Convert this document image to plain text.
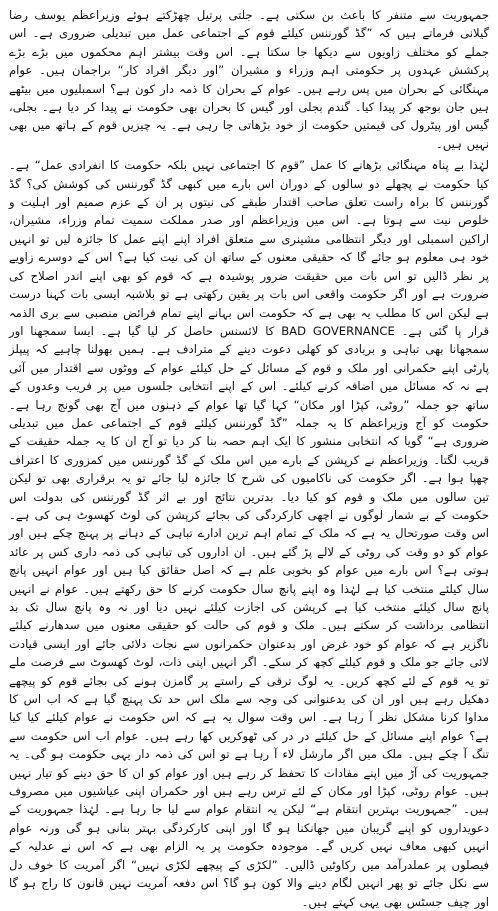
جمہوریت سے متنفر کا باعث بن سکتی ہے۔ جلتی پرتیل چھڑکتے ہوئے وزیراعظم یوسف رضا گیلانی فرماتے ہیں کہ ”گڈ گورننس کیلئے قوم کے اجتماعی عمل میں تبدیلی ضروری ہے۔ اس جملے کو مختلف زاویوں سے دیکھا جا سکتا ہے۔ اس وقت بیشتر اہم محکموں میں بڑے بڑے پرکشش عہدوں پر حکومتی اہم وزراء و مشیران ”اور دیگر افراد کار“ براجمان ہیں۔ عوام مہنگائی کے بحران میں پس رہے ہیں۔ عوام کے بحران کا ذمہ دار کون ہے؟ اسمبلیوں میں بیٹھے ہیں جان بوجھ کر پیدا کیا۔ گندم بجلی اور گیس کا بحران بھی حکومت نے پیدا کر دیا ہے۔ بجلی، گیس اور پیٹرول کی قیمتیں حکومت از خود بڑھاتی جا رہی ہے۔ یہ چیزیں قوم کے ہاتھ میں بھی نہیں ہیں۔

لہٰذا بے پناہ مہنگائی بڑھانے کا عمل ”قوم کا اجتماعی نہیں بلکہ حکومت کا انفرادی عمل“ ہے۔ کیا حکومت نے پچھلے دو سالوں کے دوران اس بارے میں کبھی گڈ گورننس کی کوشش کی؟ گڈ گورننس کا براہ راست تعلق صاحب اقتدار طبقے کی نیتوں پر ان کے عزم صمیم اور اہلیت و خلوص نیت سے ہوتا ہے۔ اس میں وزیراعظم اور صدر مملکت سمیت تمام وزراء، مشیران، اراکین اسمبلی اور دیگر انتظامی مشینری سے متعلق افراد اپنے اپنے عمل کا جائزہ لیں تو انہیں خود ہی معلوم ہو جائے گا کہ حقیقی معنوں کے ساتھ ان کی نیت کیا ہے؟ اس کے دوسرے زاویے پر نظر ڈالیں تو اس بات میں حقیقت ضرور پوشیدہ ہے کہ قوم کو بھی اپنے اندر اصلاح کی ضرورت ہے اور اگر حکومت واقعی اس بات پر یقین رکھتی ہے تو بلاشبہ ایسی بات کہنا درست ہے لیکن اس کا مطلب یہ بھی ہے کہ حکومت اس بہانے اپنے تمام فرائض منصبی سے بری الذمہ قرار پا گئی ہے۔ BAD GOVERNANCE کا لائسنس حاصل کر لیا گیا ہے۔ ایسا سمجھنا اور سمجھانا بھی تباہی و بربادی کو کھلی دعوت دینے کے مترادف ہے۔ ہمیں بھولنا چاہیے کہ پیپلز پارٹی اپنے حکمرانی اور ملک و قوم کے مسائل کے حل کیلئے عوام کے ووٹوں سے اقتدار میں آئی ہے نہ کہ مسائل میں اضافہ کرنے کیلئے۔ اس کے اپنے انتخابی جلسوں میں پر فریب وعدوں کے ساتھ جو جملہ ”روٹی، کپڑا اور مکان“ کہا گیا تھا عوام کے ذہنوں میں آج بھی گونج رہا ہے۔ حکومت کو آج وزیراعظم کا یہ جملہ ”گڈ گورننس کیلئے قوم کے اجتماعی عمل میں تبدیلی ضروری ہے“ گویا کہ انتخابی منشور کا ایک اہم حصہ بنا کر دیا تو آج ان کا یہ جملہ حقیقت کے قریب لگتا۔ وزیراعظم نے کرپشن کے بارے میں اس ملک کے گڈ گورننس میں کمزوری کا اعتراف چھپا ہوا ہے۔ اگر حکومت کی ناکامیوں کی شرح کا جائزہ لیا جائے تو یہ برقراری بھی تو لیکن تین سالوں میں ملک و قوم کو کیا دیا۔ بدترین نتائج اور بے اثر گڈ گورننس کی بدولت اس حکومت کے بے شمار لوگوں نے اچھی کارکردگی کی بجائے کرپشن کی لوٹ کھسوٹ ہی کی ہے۔ اس وقت صورتحال یہ ہے کہ ملک کے تمام اہم ترین ادارے تباہی کے دہانے پر پہنچ چکے ہیں اور عوام کو دو وقت کی روٹی کے لالے پڑ گئے ہیں۔ ان اداروں کی تباہی کی ذمہ داری کس پر عائد ہوتی ہے؟ اس بارے میں عوام کو بخوبی علم ہے کہ اصل حقائق کیا ہیں اور عوام انہیں پانچ سال کیلئے منتخب کیا ہے لہٰذا وہ اپنے پانچ سال حکومت کرنے کا حق رکھتے ہیں۔ عوام نے انہیں پانچ سال کیلئے منتخب کیا ہے کرپشن کی اجازت کیلئے نہیں دیا اور نہ وہ پانچ سال تک بد انتظامی برداشت کر سکتے ہیں۔ ملک و قوم کی حالت کو حقیقی معنوں میں سدھارنے کیلئے ناگزیر ہے کہ عوام کو خود غرض اور بدعنوان حکمرانوں سے نجات دلائی جائے اور ایسی قیادت لائی جائے جو ملک و قوم کیلئے کچھ کر سکے۔ اگر انہیں اپنی ذات، لوٹ کھسوٹ سے فرصت ملے تو یہ قوم کے لئے کچھ کریں۔ یہ لوگ ترقی کے راستے پر گامزن ہونے کی بجائے قوم کو پیچھے دھکیل رہے ہیں اور ان کی بدعنوانی کی وجہ سے ملک اس حد تک پہنچ گیا ہے کہ اب اس کا مداوا کرنا مشکل نظر آ رہا ہے۔ اس وقت سوال یہ ہے کہ اس حکومت نے عوام کیلئے کیا کیا ہے؟ عوام اپنے مسائل کے حل کیلئے در در کی ٹھوکریں کھا رہے ہیں۔ عوام اب اس حکومت سے تنگ آ چکے ہیں۔ ملک میں اگر مارشل لاء آ رہا ہے تو اس کی ذمہ دار یہی حکومت ہو گی۔ یہ جمہوریت کی آڑ میں اپنے مفادات کا تحفظ کر رہے ہیں اور عوام کو ان کا حق دینے کو تیار نہیں ہیں۔ عوام روٹی، کپڑا اور مکان کے لئے ترس رہے ہیں اور حکمران اپنی عیاشیوں میں مصروف ہیں۔ ”جمہوریت بہترین انتقام ہے“ لیکن یہ انتقام عوام سے لیا جا رہا ہے۔ لہٰذا جمہوریت کے دعویداروں کو اپنے گریبان میں جھانکنا ہو گا اور اپنی کارکردگی بہتر بنانی ہو گی ورنہ عوام انہیں کبھی معاف نہیں کریں گے۔ موجودہ حکومت پر یہ الزام بھی ہے کہ اس نے عدلیہ کے فیصلوں پر عملدرآمد میں رکاوٹیں ڈالیں۔ ”لکڑی کے پیچھے لکڑی نہیں“ اگر آمریت کا خوف دل سے نکل جائے تو پھر انہیں لگام دینے والا کون ہو گا؟ اس دفعہ آمریت نہیں قانون کا راج ہو گا اور چیف جسٹس بھی یہی کہتے ہیں۔
